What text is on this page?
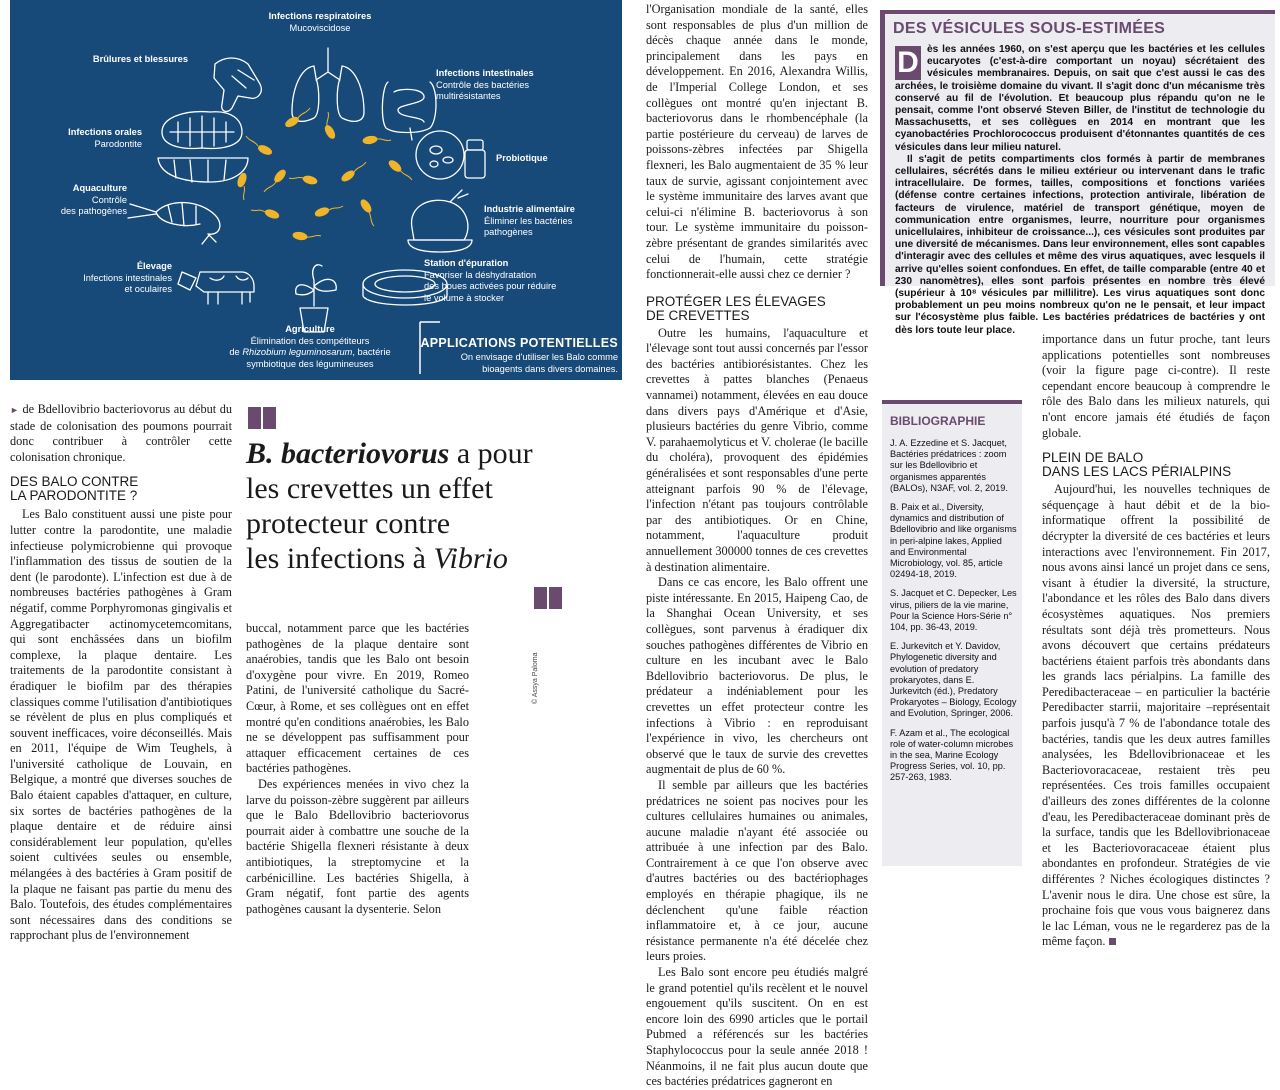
Infections respiratoires
Mucoviscidose
Brûlures et blessures
Infections intestinales
Contrôle des bactéries
multirésistantes
Infections orales
Parodontite
Probiotique
Aquaculture
Contrôle
des pathogènes	Industrie alimentaire
Éliminer les bactéries
pathogènes
Élevage
Infections intestinales
et oculaires
Station d'épuration
Favoriser la déshydratation
des boues activées pour réduire
le volume à stocker
Agriculture
Élimination des compétiteurs
de Rhizobium leguminosarum, bactérie
symbiotique des légumineuses
APPLICATIONS POTENTIELLES
On envisage d'utiliser les Balo comme
bioagents dans divers domaines.

► de Bdellovibrio bacteriovorus au début du stade de colonisation des poumons pourrait donc contribuer à contrôler cette colonisation chronique.

DES BALO CONTRE
LA PARODONTITE ?

Les Balo constituent aussi une piste pour lutter contre la parodontite, une maladie infectieuse polymicrobienne qui provoque l'inflammation des tissus de soutien de la dent (le parodonte). L'infection est due à de nombreuses bactéries pathogènes à Gram négatif, comme Porphyromonas gingivalis et Aggregatibacter actinomycetemcomitans, qui sont enchâssées dans un biofilm complexe, la plaque dentaire. Les traitements de la parodontite consistant à éradiquer le biofilm par des thérapies classiques comme l'utilisation d'antibiotiques se révèlent de plus en plus compliqués et souvent inefficaces, voire déconseillés. Mais en 2011, l'équipe de Wim Teughels, à l'université catholique de Louvain, en Belgique, a montré que diverses souches de Balo étaient capables d'attaquer, en culture, six sortes de bactéries pathogènes de la plaque dentaire et de réduire ainsi considérablement leur population, qu'elles soient cultivées seules ou ensemble, mélangées à des bactéries à Gram positif de la plaque ne faisant pas partie du menu des Balo. Toutefois, des études complémentaires sont nécessaires dans des conditions se rapprochant plus de l'environnement

B. bacteriovorus a pour
les crevettes un effet
protecteur contre
les infections à Vibrio
© Assya Paloma

buccal, notamment parce que les bactéries pathogènes de la plaque dentaire sont anaérobies, tandis que les Balo ont besoin d'oxygène pour vivre. En 2019, Romeo Patini, de l'université catholique du Sacré-Cœur, à Rome, et ses collègues ont en effet montré qu'en conditions anaérobies, les Balo ne se développent pas suffisamment pour attaquer efficacement certaines de ces bactéries pathogènes.

Des expériences menées in vivo chez la larve du poisson-zèbre suggèrent par ailleurs que le Balo Bdellovibrio bacteriovorus pourrait aider à combattre une souche de la bactérie Shigella flexneri résistante à deux antibiotiques, la streptomycine et la carbénicilline. Les bactéries Shigella, à Gram négatif, font partie des agents pathogènes causant la dysenterie. Selon

l'Organisation mondiale de la santé, elles sont responsables de plus d'un million de décès chaque année dans le monde, principalement dans les pays en développement. En 2016, Alexandra Willis, de l'Imperial College London, et ses collègues ont montré qu'en injectant B. bacteriovorus dans le rhombencéphale (la partie postérieure du cerveau) de larves de poissons-zèbres infectées par Shigella flexneri, les Balo augmentaient de 35 % leur taux de survie, agissant conjointement avec le système immunitaire des larves avant que celui-ci n'élimine B. bacteriovorus à son tour. Le système immunitaire du poisson-zèbre présentant de grandes similarités avec celui de l'humain, cette stratégie fonctionnerait-elle aussi chez ce dernier ?

PROTÉGER LES ÉLEVAGES
DE CREVETTES

Outre les humains, l'aquaculture et l'élevage sont tout aussi concernés par l'essor des bactéries antibiorésistantes. Chez les crevettes à pattes blanches (Penaeus vannamei) notamment, élevées en eau douce dans divers pays d'Amérique et d'Asie, plusieurs bactéries du genre Vibrio, comme V. parahaemolyticus et V. cholerae (le bacille du choléra), provoquent des épidémies généralisées et sont responsables d'une perte atteignant parfois 90 % de l'élevage, l'infection n'étant pas toujours contrôlable par des antibiotiques. Or en Chine, notamment, l'aquaculture produit annuellement 300000 tonnes de ces crevettes à destination alimentaire.

Dans ce cas encore, les Balo offrent une piste intéressante. En 2015, Haipeng Cao, de la Shanghai Ocean University, et ses collègues, sont parvenus à éradiquer dix souches pathogènes différentes de Vibrio en culture en les incubant avec le Balo Bdellovibrio bacteriovorus. De plus, le prédateur a indéniablement pour les crevettes un effet protecteur contre les infections à Vibrio : en reproduisant l'expérience in vivo, les chercheurs ont observé que le taux de survie des crevettes augmentait de plus de 60 %.

Il semble par ailleurs que les bactéries prédatrices ne soient pas nocives pour les cultures cellulaires humaines ou animales, aucune maladie n'ayant été associée ou attribuée à une infection par des Balo. Contrairement à ce que l'on observe avec d'autres bactéries ou des bactériophages employés en thérapie phagique, ils ne déclenchent qu'une faible réaction inflammatoire et, à ce jour, aucune résistance permanente n'a été décelée chez leurs proies.

Les Balo sont encore peu étudiés malgré le grand potentiel qu'ils recèlent et le nouvel engouement qu'ils suscitent. On en est encore loin des 6990 articles que le portail Pubmed a référencés sur les bactéries Staphylococcus pour la seule année 2018 ! Néanmoins, il ne fait plus aucun doute que ces bactéries prédatrices gagneront en

DES VÉSICULES SOUS-ESTIMÉES
D ès les années 1960, on s'est aperçu que les bactéries et les cellules eucaryotes (c'est-à-dire comportant un noyau) sécrétaient des vésicules membranaires. Depuis, on sait que c'est aussi le cas des archées, le troisième domaine du vivant. Il s'agit donc d'un mécanisme très conservé au fil de l'évolution. Et beaucoup plus répandu qu'on ne le pensait, comme l'ont observé Steven Biller, de l'institut de technologie du Massachusetts, et ses collègues en 2014 en montrant que les cyanobactéries Prochlorococcus produisent d'étonnantes quantités de ces vésicules dans leur milieu naturel.

Il s'agit de petits compartiments clos formés à partir de membranes cellulaires, sécrétés dans le milieu extérieur ou intervenant dans le trafic intracellulaire. De formes, tailles, compositions et fonctions variées (défense contre certaines infections, protection antivirale, libération de facteurs de virulence, matériel de transport génétique, moyen de communication entre organismes, leurre, nourriture pour organismes unicellulaires, inhibiteur de croissance...), ces vésicules sont produites par une diversité de mécanismes. Dans leur environnement, elles sont capables d'interagir avec des cellules et même des virus aquatiques, avec lesquels il arrive qu'elles soient confondues. En effet, de taille comparable (entre 40 et 230 nanomètres), elles sont parfois présentes en nombre très élevé (supérieur à 10⁸ vésicules par millilitre). Les virus aquatiques sont donc probablement un peu moins nombreux qu'on ne le pensait, et leur impact sur l'écosystème plus faible. Les bactéries prédatrices de bactéries y ont dès lors toute leur place.

BIBLIOGRAPHIE

J. A. Ezzedine et S. Jacquet, Bactéries prédatrices : zoom sur les Bdellovibrio et organismes apparentés (BALOs), N3AF, vol. 2, 2019.

B. Paix et al., Diversity, dynamics and distribution of Bdellovibrio and like organisms in peri-alpine lakes, Applied and Environmental Microbiology, vol. 85, article 02494-18, 2019.

S. Jacquet et C. Depecker, Les virus, piliers de la vie marine, Pour la Science Hors-Série n° 104, pp. 36-43, 2019.

E. Jurkevitch et Y. Davidov, Phylogenetic diversity and evolution of predatory prokaryotes, dans E. Jurkevitch (éd.), Predatory Prokaryotes – Biology, Ecology and Evolution, Springer, 2006.

F. Azam et al., The ecological role of water-column microbes in the sea, Marine Ecology Progress Series, vol. 10, pp. 257-263, 1983.

importance dans un futur proche, tant leurs applications potentielles sont nombreuses (voir la figure page ci-contre). Il reste cependant encore beaucoup à comprendre le rôle des Balo dans les milieux naturels, qui n'ont encore jamais été étudiés de façon globale.

PLEIN DE BALO
DANS LES LACS PÉRIALPINS

Aujourd'hui, les nouvelles techniques de séquençage à haut débit et de la bio-informatique offrent la possibilité de décrypter la diversité de ces bactéries et leurs interactions avec l'environnement. Fin 2017, nous avons ainsi lancé un projet dans ce sens, visant à étudier la diversité, la structure, l'abondance et les rôles des Balo dans divers écosystèmes aquatiques. Nos premiers résultats sont déjà très prometteurs. Nous avons découvert que certains prédateurs bactériens étaient parfois très abondants dans les grands lacs périalpins. La famille des Peredibacteraceae – en particulier la bactérie Peredibacter starrii, majoritaire –représentait parfois jusqu'à 7 % de l'abondance totale des bactéries, tandis que les deux autres familles analysées, les Bdellovibrionaceae et les Bacteriovoracaceae, restaient très peu représentées. Ces trois familles occupaient d'ailleurs des zones différentes de la colonne d'eau, les Peredibacteraceae dominant près de la surface, tandis que les Bdellovibrionaceae et les Bacteriovoracaceae étaient plus abondantes en profondeur. Stratégies de vie différentes ? Niches écologiques distinctes ? L'avenir nous le dira. Une chose est sûre, la prochaine fois que vous vous baignerez dans le lac Léman, vous ne le regarderez pas de la même façon.
